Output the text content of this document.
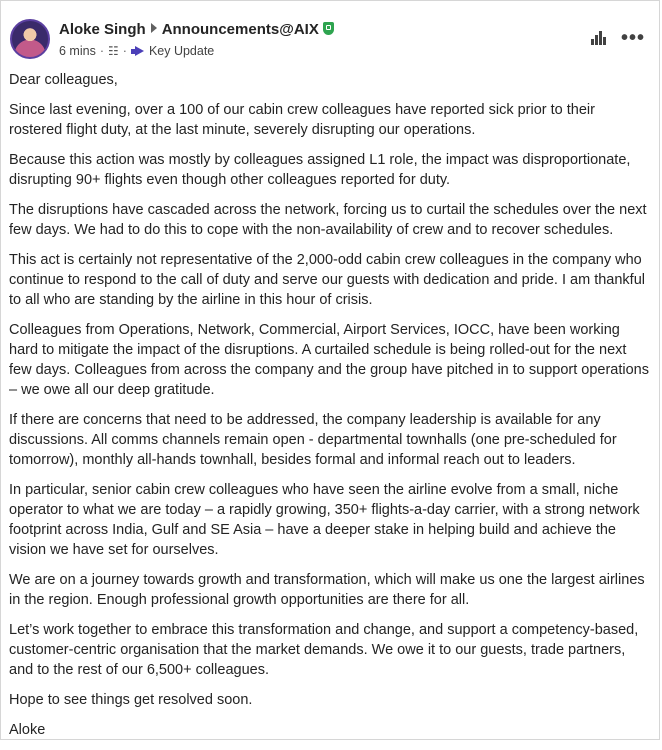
Aloke Singh Announcements@AIX
6 mins · ☷ · Key Update
•••

Dear colleagues,

Since last evening, over a 100 of our cabin crew colleagues have reported sick prior to their rostered flight duty, at the last minute, severely disrupting our operations.

Because this action was mostly by colleagues assigned L1 role, the impact was disproportionate, disrupting 90+ flights even though other colleagues reported for duty.

The disruptions have cascaded across the network, forcing us to curtail the schedules over the next few days. We had to do this to cope with the non-availability of crew and to recover schedules.

This act is certainly not representative of the 2,000-odd cabin crew colleagues in the company who continue to respond to the call of duty and serve our guests with dedication and pride. I am thankful to all who are standing by the airline in this hour of crisis.

Colleagues from Operations, Network, Commercial, Airport Services, IOCC, have been working hard to mitigate the impact of the disruptions. A curtailed schedule is being rolled-out for the next few days. Colleagues from across the company and the group have pitched in to support operations – we owe all our deep gratitude.

If there are concerns that need to be addressed, the company leadership is available for any discussions. All comms channels remain open - departmental townhalls (one pre-scheduled for tomorrow), monthly all-hands townhall, besides formal and informal reach out to leaders.

In particular, senior cabin crew colleagues who have seen the airline evolve from a small, niche operator to what we are today – a rapidly growing, 350+ flights-a-day carrier, with a strong network footprint across India, Gulf and SE Asia – have a deeper stake in helping build and achieve the vision we have set for ourselves.

We are on a journey towards growth and transformation, which will make us one the largest airlines in the region. Enough professional growth opportunities are there for all.

Let’s work together to embrace this transformation and change, and support a competency-based, customer-centric organisation that the market demands. We owe it to our guests, trade partners, and to the rest of our 6,500+ colleagues.

Hope to see things get resolved soon.

Aloke
